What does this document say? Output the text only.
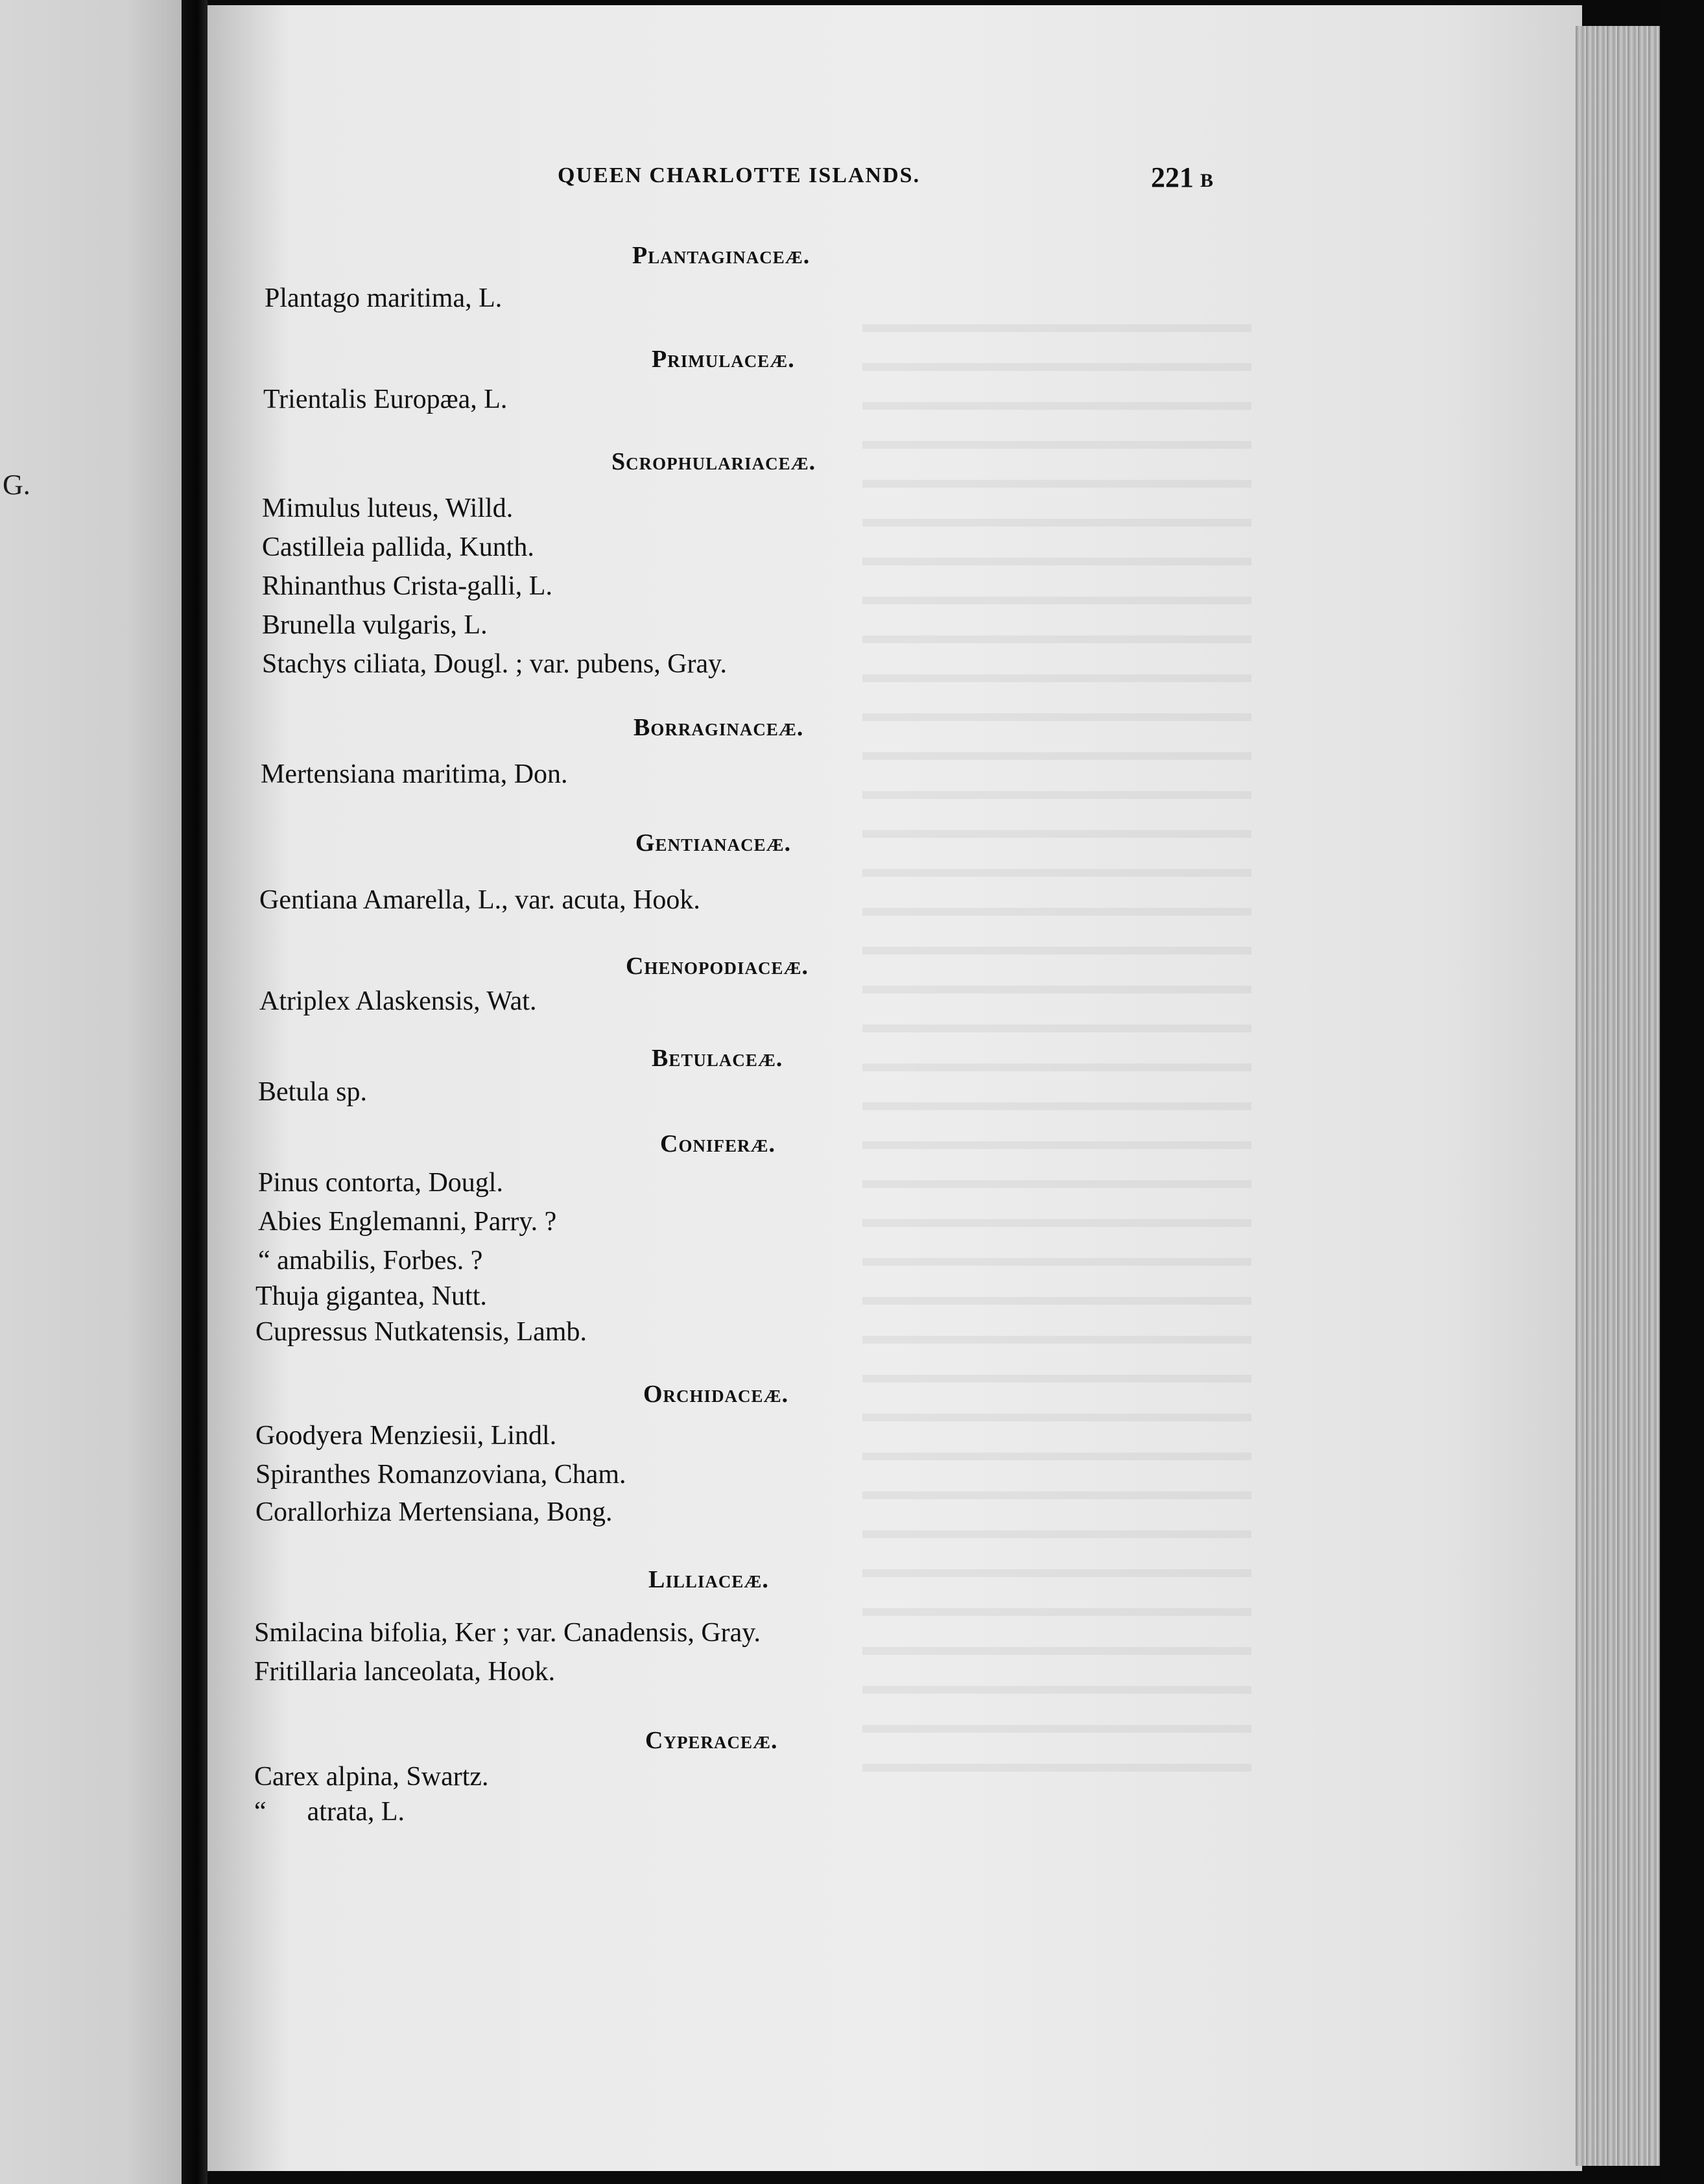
G.
QUEEN CHARLOTTE ISLANDS.	221 B
Plantaginaceæ.
Plantago maritima, L.
Primulaceæ.
Trientalis Europæa, L.
Scrophulariaceæ.
Mimulus luteus, Willd.
Castilleia pallida, Kunth.
Rhinanthus Crista-galli, L.
Brunella vulgaris, L.
Stachys ciliata, Dougl. ; var. pubens, Gray.
Borraginaceæ.
Mertensiana maritima, Don.
Gentianaceæ.
Gentiana Amarella, L., var. acuta, Hook.
Chenopodiaceæ.
Atriplex Alaskensis, Wat.
Betulaceæ.
Betula sp.
Coniferæ.
Pinus contorta, Dougl.
Abies Englemanni, Parry. ?
“ amabilis, Forbes. ?
Thuja gigantea, Nutt.
Cupressus Nutkatensis, Lamb.
Orchidaceæ.
Goodyera Menziesii, Lindl.
Spiranthes Romanzoviana, Cham.
Corallorhiza Mertensiana, Bong.
Lilliaceæ.
Smilacina bifolia, Ker ; var. Canadensis, Gray.
Fritillaria lanceolata, Hook.
Cyperaceæ.
Carex alpina, Swartz.
“      atrata, L.
